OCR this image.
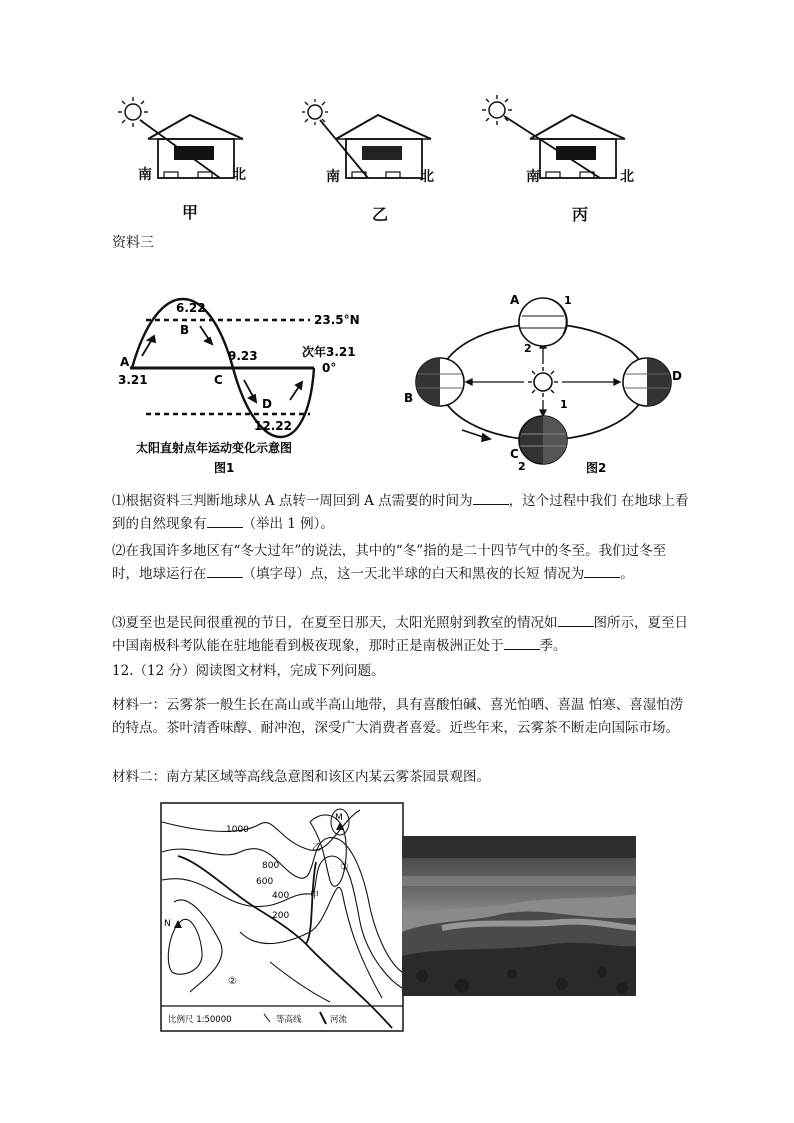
南	北	南	北	南	北
甲	乙	丙
资料三
6.22
B
23.5°N
A
3.21
9.23
C
次年3.21
0°
D
12.22
太阳直射点年运动变化示意图
图1
A	1
2
B
C
1
2
D
图2
⑴根据资料三判断地球从 A 点转一周回到 A 点需要的时间为	，这个过程中我们 在地球上看到的自然现象有	（举出 1 例）。
⑵在我国许多地区有“冬大过年”的说法，其中的“冬”指的是二十四节气中的冬至。我们过冬至时，地球运行在	（填字母）点，这一天北半球的白天和黑夜的长短 情况为	。
⑶夏至也是民间很重视的节日，在夏至日那天，太阳光照射到教室的情况如	图所示，夏至日中国南极科考队能在驻地能看到极夜现象，那时正是南极洲正处于	季。
12.（12 分）阅读图文材料，完成下列问题。
材料一：云雾茶一般生长在高山或半高山地带，具有喜酸怕碱、喜光怕晒、喜温 怕寒、喜湿怕涝的特点。茶叶清香味醇、耐冲泡，深受广大消费者喜爱。近些年来，云雾茶不断走向国际市场。
材料二：南方某区域等高线急意图和该区内某云雾茶园景观图。
1000
800
600
400
200
M
N
乙
甲
①
②
比例尺 1:50000	等高线	河流
